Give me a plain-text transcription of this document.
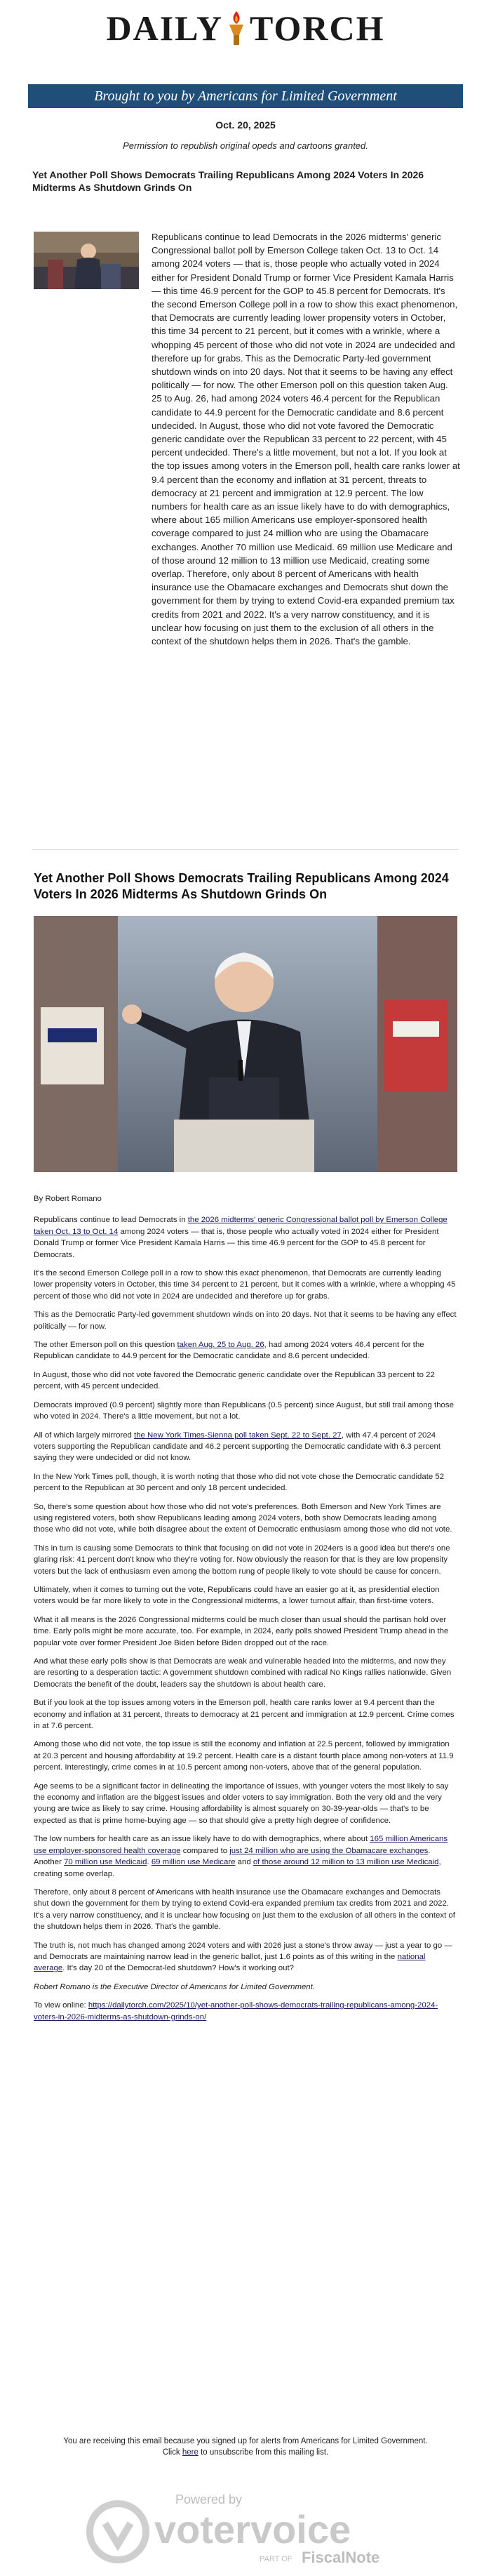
DAILY TORCH
Brought to you by Americans for Limited Government
Oct. 20, 2025
Permission to republish original opeds and cartoons granted.
Yet Another Poll Shows Democrats Trailing Republicans Among 2024 Voters In 2026 Midterms As Shutdown Grinds On
Republicans continue to lead Democrats in the 2026 midterms' generic Congressional ballot poll by Emerson College taken Oct. 13 to Oct. 14 among 2024 voters — that is, those people who actually voted in 2024 either for President Donald Trump or former Vice President Kamala Harris — this time 46.9 percent for the GOP to 45.8 percent for Democrats. It's the second Emerson College poll in a row to show this exact phenomenon, that Democrats are currently leading lower propensity voters in October, this time 34 percent to 21 percent, but it comes with a wrinkle, where a whopping 45 percent of those who did not vote in 2024 are undecided and therefore up for grabs. This as the Democratic Party-led government shutdown winds on into 20 days. Not that it seems to be having any effect politically — for now. The other Emerson poll on this question taken Aug. 25 to Aug. 26, had among 2024 voters 46.4 percent for the Republican candidate to 44.9 percent for the Democratic candidate and 8.6 percent undecided. In August, those who did not vote favored the Democratic generic candidate over the Republican 33 percent to 22 percent, with 45 percent undecided. There's a little movement, but not a lot. If you look at the top issues among voters in the Emerson poll, health care ranks lower at 9.4 percent than the economy and inflation at 31 percent, threats to democracy at 21 percent and immigration at 12.9 percent. The low numbers for health care as an issue likely have to do with demographics, where about 165 million Americans use employer-sponsored health coverage compared to just 24 million who are using the Obamacare exchanges. Another 70 million use Medicaid. 69 million use Medicare and of those around 12 million to 13 million use Medicaid, creating some overlap. Therefore, only about 8 percent of Americans with health insurance use the Obamacare exchanges and Democrats shut down the government for them by trying to extend Covid-era expanded premium tax credits from 2021 and 2022. It's a very narrow constituency, and it is unclear how focusing on just them to the exclusion of all others in the context of the shutdown helps them in 2026. That's the gamble.
Yet Another Poll Shows Democrats Trailing Republicans Among 2024 Voters In 2026 Midterms As Shutdown Grinds On

By Robert Romano

Republicans continue to lead Democrats in the 2026 midterms' generic Congressional ballot poll by Emerson College taken Oct. 13 to Oct. 14 among 2024 voters — that is, those people who actually voted in 2024 either for President Donald Trump or former Vice President Kamala Harris — this time 46.9 percent for the GOP to 45.8 percent for Democrats.

It's the second Emerson College poll in a row to show this exact phenomenon, that Democrats are currently leading lower propensity voters in October, this time 34 percent to 21 percent, but it comes with a wrinkle, where a whopping 45 percent of those who did not vote in 2024 are undecided and therefore up for grabs.

This as the Democratic Party-led government shutdown winds on into 20 days. Not that it seems to be having any effect politically — for now.

The other Emerson poll on this question taken Aug. 25 to Aug. 26, had among 2024 voters 46.4 percent for the Republican candidate to 44.9 percent for the Democratic candidate and 8.6 percent undecided.

In August, those who did not vote favored the Democratic generic candidate over the Republican 33 percent to 22 percent, with 45 percent undecided.

Democrats improved (0.9 percent) slightly more than Republicans (0.5 percent) since August, but still trail among those who voted in 2024. There's a little movement, but not a lot.

All of which largely mirrored the New York Times-Sienna poll taken Sept. 22 to Sept. 27, with 47.4 percent of 2024 voters supporting the Republican candidate and 46.2 percent supporting the Democratic candidate with 6.3 percent saying they were undecided or did not know.

In the New York Times poll, though, it is worth noting that those who did not vote chose the Democratic candidate 52 percent to the Republican at 30 percent and only 18 percent undecided.

So, there's some question about how those who did not vote's preferences. Both Emerson and New York Times are using registered voters, both show Republicans leading among 2024 voters, both show Democrats leading among those who did not vote, while both disagree about the extent of Democratic enthusiasm among those who did not vote.

This in turn is causing some Democrats to think that focusing on did not vote in 2024ers is a good idea but there's one glaring risk: 41 percent don't know who they're voting for. Now obviously the reason for that is they are low propensity voters but the lack of enthusiasm even among the bottom rung of people likely to vote should be cause for concern.

Ultimately, when it comes to turning out the vote, Republicans could have an easier go at it, as presidential election voters would be far more likely to vote in the Congressional midterms, a lower turnout affair, than first-time voters.

What it all means is the 2026 Congressional midterms could be much closer than usual should the partisan hold over time. Early polls might be more accurate, too. For example, in 2024, early polls showed President Trump ahead in the popular vote over former President Joe Biden before Biden dropped out of the race.

And what these early polls show is that Democrats are weak and vulnerable headed into the midterms, and now they are resorting to a desperation tactic: A government shutdown combined with radical No Kings rallies nationwide. Given Democrats the benefit of the doubt, leaders say the shutdown is about health care.

But if you look at the top issues among voters in the Emerson poll, health care ranks lower at 9.4 percent than the economy and inflation at 31 percent, threats to democracy at 21 percent and immigration at 12.9 percent. Crime comes in at 7.6 percent.

Among those who did not vote, the top issue is still the economy and inflation at 22.5 percent, followed by immigration at 20.3 percent and housing affordability at 19.2 percent. Health care is a distant fourth place among non-voters at 11.9 percent. Interestingly, crime comes in at 10.5 percent among non-voters, above that of the general population.

Age seems to be a significant factor in delineating the importance of issues, with younger voters the most likely to say the economy and inflation are the biggest issues and older voters to say immigration. Both the very old and the very young are twice as likely to say crime. Housing affordability is almost squarely on 30-39-year-olds — that's to be expected as that is prime home-buying age — so that should give a pretty high degree of confidence.

The low numbers for health care as an issue likely have to do with demographics, where about 165 million Americans use employer-sponsored health coverage compared to just 24 million who are using the Obamacare exchanges. Another 70 million use Medicaid. 69 million use Medicare and of those around 12 million to 13 million use Medicaid, creating some overlap.

Therefore, only about 8 percent of Americans with health insurance use the Obamacare exchanges and Democrats shut down the government for them by trying to extend Covid-era expanded premium tax credits from 2021 and 2022. It's a very narrow constituency, and it is unclear how focusing on just them to the exclusion of all others in the context of the shutdown helps them in 2026. That's the gamble.

The truth is, not much has changed among 2024 voters and with 2026 just a stone's throw away — just a year to go — and Democrats are maintaining narrow lead in the generic ballot, just 1.6 points as of this writing in the national average. It's day 20 of the Democrat-led shutdown? How's it working out?

Robert Romano is the Executive Director of Americans for Limited Government.

To view online: https://dailytorch.com/2025/10/yet-another-poll-shows-democrats-trailing-republicans-among-2024-voters-in-2026-midterms-as-shutdown-grinds-on/

You are receiving this email because you signed up for alerts from Americans for Limited Government.
Click here to unsubscribe from this mailing list.
Powered by
votervoice
PART OF FiscalNote
